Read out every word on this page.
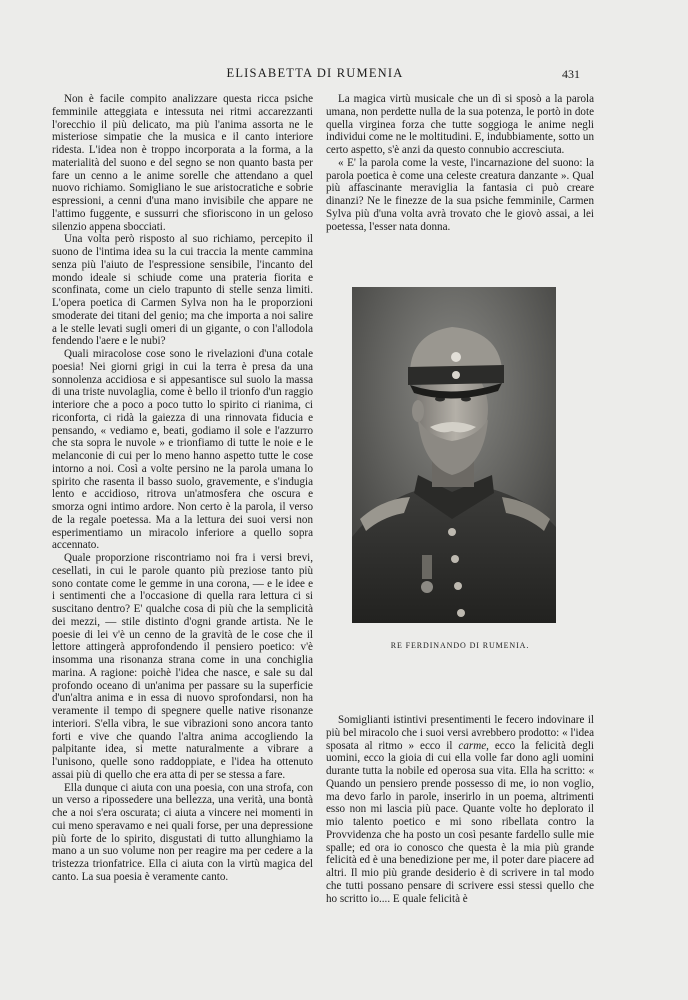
ELISABETTA DI RUMENIA	431

Non è facile compito analizzare questa ricca psiche femminile atteggiata e intessuta nei ritmi accarezzanti l'orecchio il più delicato, ma più l'anima assorta ne le misteriose simpatie che la musica e il canto interiore ridesta. L'idea non è troppo incorporata a la forma, a la materialità del suono e del segno se non quanto basta per fare un cenno a le anime sorelle che attendano a quel nuovo richiamo. Somigliano le sue aristocratiche e sobrie espressioni, a cenni d'una mano invisibile che appare ne l'attimo fuggente, e sussurri che sfioriscono in un geloso silenzio appena sbocciati.

Una volta però risposto al suo richiamo, percepito il suono de l'intima idea su la cui traccia la mente cammina senza più l'aiuto de l'espressione sensibile, l'incanto del mondo ideale si schiude come una prateria fiorita e sconfinata, come un cielo trapunto di stelle senza limiti. L'opera poetica di Carmen Sylva non ha le proporzioni smoderate dei titani del genio; ma che importa a noi salire a le stelle levati sugli omeri di un gigante, o con l'allodola fendendo l'aere e le nubi?

Quali miracolose cose sono le rivelazioni d'una cotale poesia! Nei giorni grigi in cui la terra è presa da una sonnolenza accidiosa e si appesantisce sul suolo la massa di una triste nuvolaglia, come è bello il trionfo d'un raggio interiore che a poco a poco tutto lo spirito ci rianima, ci riconforta, ci ridà la gaiezza di una rinnovata fiducia e pensando, « vediamo e, beati, godiamo il sole e l'azzurro che sta sopra le nuvole » e trionfiamo di tutte le noie e le melanconie di cui per lo meno hanno aspetto tutte le cose intorno a noi. Così a volte persino ne la parola umana lo spirito che rasenta il basso suolo, gravemente, e s'indugia lento e accidioso, ritrova un'atmosfera che oscura e smorza ogni intimo ardore. Non certo è la parola, il verso de la regale poetessa. Ma a la lettura dei suoi versi non esperimentiamo un miracolo inferiore a quello sopra accennato.

Quale proporzione riscontriamo noi fra i versi brevi, cesellati, in cui le parole quanto più preziose tanto più sono contate come le gemme in una corona, — e le idee e i sentimenti che a l'occasione di quella rara lettura ci si suscitano dentro? E' qualche cosa di più che la semplicità dei mezzi, — stile distinto d'ogni grande artista. Ne le poesie di lei v'è un cenno de la gravità de le cose che il lettore attingerà approfondendo il pensiero poetico: v'è insomma una risonanza strana come in una conchiglia marina. A ragione: poichè l'idea che nasce, e sale su dal profondo oceano di un'anima per passare su la superficie d'un'altra anima e in essa di nuovo sprofondarsi, non ha veramente il tempo di spegnere quelle native risonanze interiori. S'ella vibra, le sue vibrazioni sono ancora tanto forti e vive che quando l'altra anima accogliendo la palpitante idea, si mette naturalmente a vibrare a l'unisono, quelle sono raddoppiate, e l'idea ha ottenuto assai più di quello che era atta di per se stessa a fare.

Ella dunque ci aiuta con una poesia, con una strofa, con un verso a ripossedere una bellezza, una verità, una bontà che a noi s'era oscurata; ci aiuta a vincere nei momenti in cui meno speravamo e nei quali forse, per una depressione più forte de lo spirito, disgustati di tutto allunghiamo la mano a un suo volume non per reagire ma per cedere a la tristezza trionfatrice. Ella ci aiuta con la virtù magica del canto. La sua poesia è veramente canto.

La magica virtù musicale che un dì si sposò a la parola umana, non perdette nulla de la sua potenza, le portò in dote quella virginea forza che tutte soggioga le anime negli individui come ne le moltitudini. E, indubbiamente, sotto un certo aspetto, s'è anzi da questo connubio accresciuta.

« E' la parola come la veste, l'incarnazione del suono: la parola poetica è come una celeste creatura danzante ». Qual più affascinante meraviglia la fantasia ci può creare dinanzi? Ne le finezze de la sua psiche femminile, Carmen Sylva più d'una volta avrà trovato che le giovò assai, a lei poetessa, l'esser nata donna.

RE FERDINANDO DI RUMENIA.

Somiglianti istintivi presentimenti le fecero indovinare il più bel miracolo che i suoi versi avrebbero prodotto: « l'idea sposata al ritmo » ecco il carme, ecco la felicità degli uomini, ecco la gioia di cui ella volle far dono agli uomini durante tutta la nobile ed operosa sua vita. Ella ha scritto: « Quando un pensiero prende possesso di me, io non voglio, ma devo farlo in parole, inserirlo in un poema, altrimenti esso non mi lascia più pace. Quante volte ho deplorato il mio talento poetico e mi sono ribellata contro la Provvidenza che ha posto un così pesante fardello sulle mie spalle; ed ora io conosco che questa è la mia più grande felicità ed è una benedizione per me, il poter dare piacere ad altri. Il mio più grande desiderio è di scrivere in tal modo che tutti possano pensare di scrivere essi stessi quello che ho scritto io.... E quale felicità è
